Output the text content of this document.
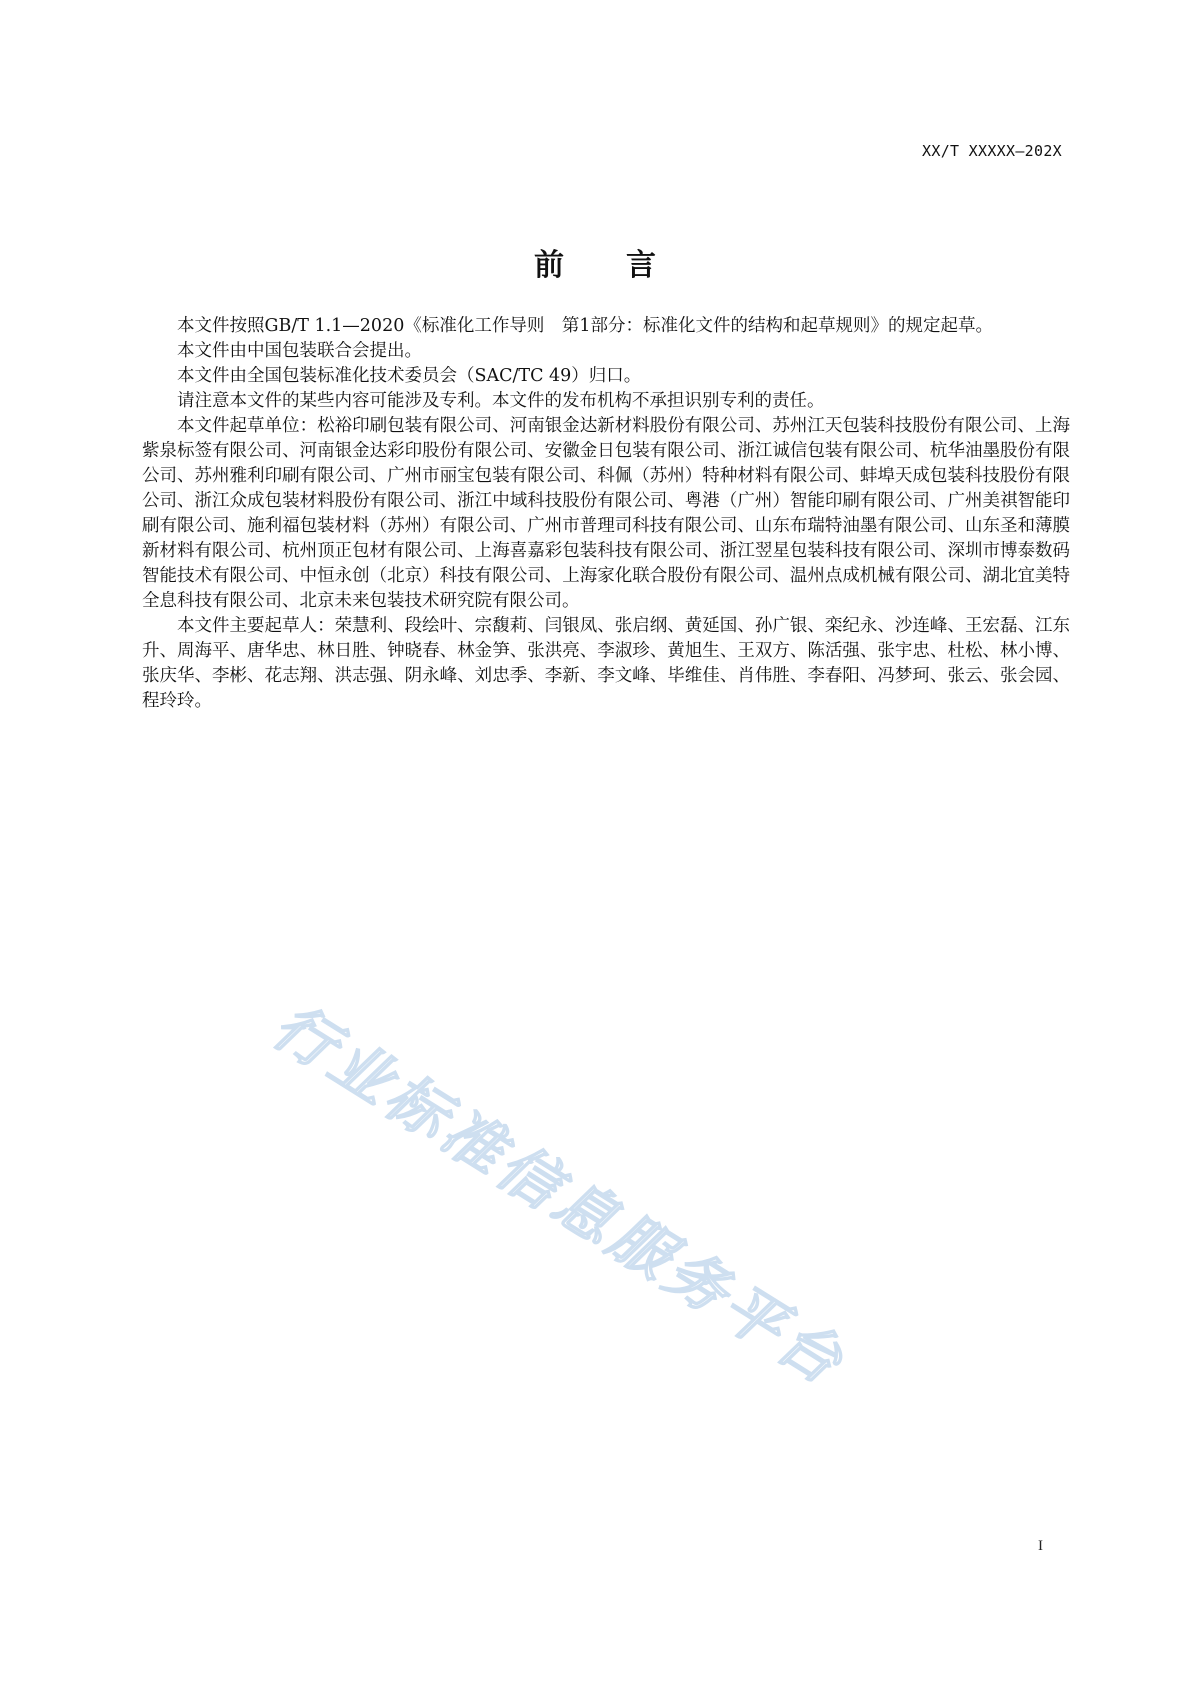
XX/T XXXXX—202X
前言

本文件按照GB/T 1.1—2020《标准化工作导则　第1部分：标准化文件的结构和起草规则》的规定起草。

本文件由中国包装联合会提出。

本文件由全国包装标准化技术委员会（SAC/TC 49）归口。

请注意本文件的某些内容可能涉及专利。本文件的发布机构不承担识别专利的责任。

本文件起草单位：松裕印刷包装有限公司、河南银金达新材料股份有限公司、苏州江天包装科技股份有限公司、上海紫泉标签有限公司、河南银金达彩印股份有限公司、安徽金日包装有限公司、浙江诚信包装有限公司、杭华油墨股份有限公司、苏州雅利印刷有限公司、广州市丽宝包装有限公司、科佩（苏州）特种材料有限公司、蚌埠天成包装科技股份有限公司、浙江众成包装材料股份有限公司、浙江中域科技股份有限公司、粤港（广州）智能印刷有限公司、广州美祺智能印刷有限公司、施利福包装材料（苏州）有限公司、广州市普理司科技有限公司、山东布瑞特油墨有限公司、山东圣和薄膜新材料有限公司、杭州顶正包材有限公司、上海喜嘉彩包装科技有限公司、浙江翌星包装科技有限公司、深圳市博泰数码智能技术有限公司、中恒永创（北京）科技有限公司、上海家化联合股份有限公司、温州点成机械有限公司、湖北宜美特全息科技有限公司、北京未来包装技术研究院有限公司。

本文件主要起草人：荣慧利、段绘叶、宗馥莉、闫银凤、张启纲、黄延国、孙广银、栾纪永、沙连峰、王宏磊、江东升、周海平、唐华忠、林日胜、钟晓春、林金笋、张洪亮、李淑珍、黄旭生、王双方、陈活强、张宇忠、杜松、林小博、张庆华、李彬、花志翔、洪志强、阴永峰、刘忠季、李新、李文峰、毕维佳、肖伟胜、李春阳、冯梦珂、张云、张会园、程玲玲。

行业标准信息服务平台
I
